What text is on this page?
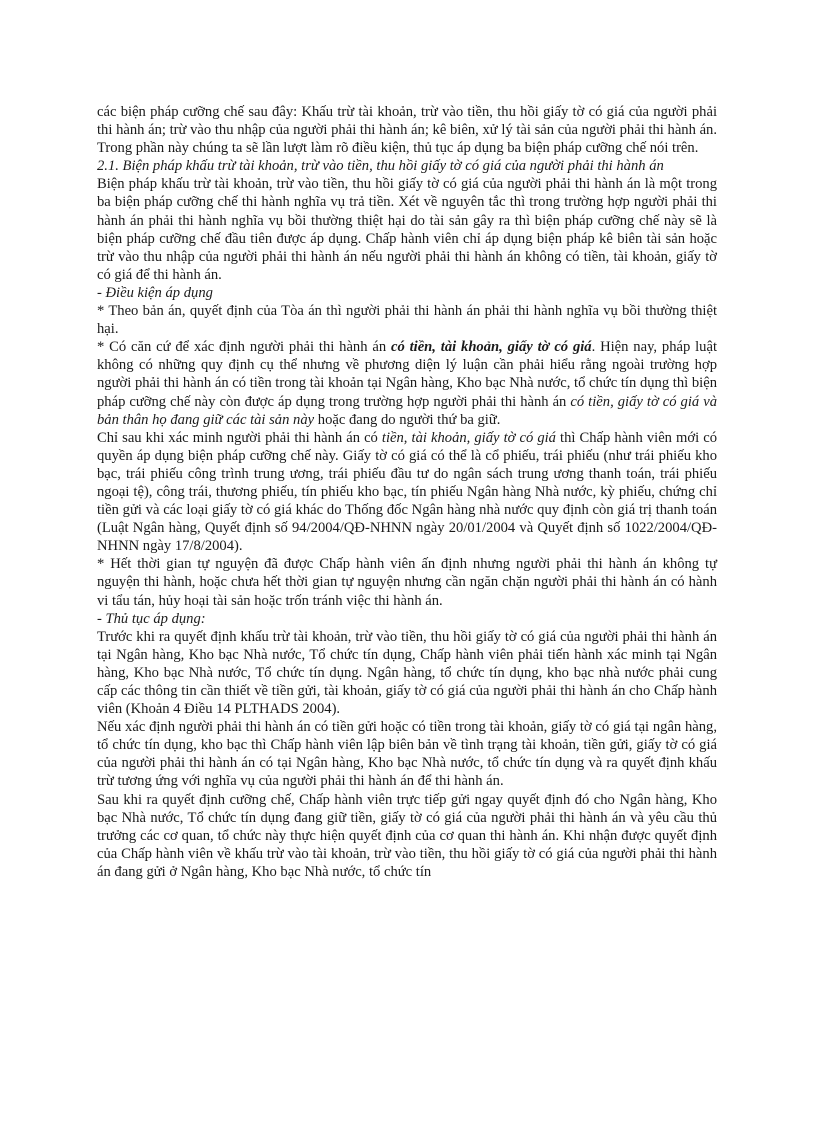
các biện pháp cưỡng chế sau đây: Khấu trừ tài khoản, trừ vào tiền, thu hồi giấy tờ có giá của người phải thi hành án; trừ vào thu nhập của người phải thi hành án; kê biên, xử lý tài sản của người phải thi hành án. Trong phần này chúng ta sẽ lần lượt làm rõ điều kiện, thủ tục áp dụng ba biện pháp cưỡng chế nói trên.

2.1. Biện pháp khấu trừ tài khoản, trừ vào tiền, thu hồi giấy tờ có giá của người phải thi hành án

Biện pháp khấu trừ tài khoản, trừ vào tiền, thu hồi giấy tờ có giá của người phải thi hành án là một trong ba biện pháp cưỡng chế thi hành nghĩa vụ trả tiền. Xét về nguyên tắc thì trong trường hợp người phải thi hành án phải thi hành nghĩa vụ bồi thường thiệt hại do tài sản gây ra thì biện pháp cưỡng chế này sẽ là biện pháp cưỡng chế đầu tiên được áp dụng. Chấp hành viên chỉ áp dụng biện pháp kê biên tài sản hoặc trừ vào thu nhập của người phải thi hành án nếu người phải thi hành án không có tiền, tài khoản, giấy tờ có giá để thi hành án.

- Điều kiện áp dụng

* Theo bản án, quyết định của Tòa án thì người phải thi hành án phải thi hành nghĩa vụ bồi thường thiệt hại.

* Có căn cứ để xác định người phải thi hành án có tiền, tài khoản, giấy tờ có giá. Hiện nay, pháp luật không có những quy định cụ thể nhưng về phương diện lý luận cần phải hiểu rằng ngoài trường hợp người phải thi hành án có tiền trong tài khoản tại Ngân hàng, Kho bạc Nhà nước, tổ chức tín dụng thì biện pháp cưỡng chế này còn được áp dụng trong trường hợp người phải thi hành án có tiền, giấy tờ có giá và bản thân họ đang giữ các tài sản này hoặc đang do người thứ ba giữ.

Chỉ sau khi xác minh người phải thi hành án có tiền, tài khoản, giấy tờ có giá thì Chấp hành viên mới có quyền áp dụng biện pháp cưỡng chế này. Giấy tờ có giá có thể là cổ phiếu, trái phiếu (như trái phiếu kho bạc, trái phiếu công trình trung ương, trái phiếu đầu tư do ngân sách trung ương thanh toán, trái phiếu ngoại tệ), công trái, thương phiếu, tín phiếu kho bạc, tín phiếu Ngân hàng Nhà nước, kỳ phiếu, chứng chỉ tiền gửi và các loại giấy tờ có giá khác do Thống đốc Ngân hàng nhà nước quy định còn giá trị thanh toán (Luật Ngân hàng, Quyết định số 94/2004/QĐ-NHNN ngày 20/01/2004 và Quyết định số 1022/2004/QĐ-NHNN ngày 17/8/2004).

* Hết thời gian tự nguyện đã được Chấp hành viên ấn định nhưng người phải thi hành án không tự nguyện thi hành, hoặc chưa hết thời gian tự nguyện nhưng cần ngăn chặn người phải thi hành án có hành vi tẩu tán, hủy hoại tài sản hoặc trốn tránh việc thi hành án.

- Thủ tục áp dụng:

Trước khi ra quyết định khấu trừ tài khoản, trừ vào tiền, thu hồi giấy tờ có giá của người phải thi hành án tại Ngân hàng, Kho bạc Nhà nước, Tổ chức tín dụng, Chấp hành viên phải tiến hành xác minh tại Ngân hàng, Kho bạc Nhà nước, Tổ chức tín dụng. Ngân hàng, tổ chức tín dụng, kho bạc nhà nước phải cung cấp các thông tin cần thiết về tiền gửi, tài khoản, giấy tờ có giá của người phải thi hành án cho Chấp hành viên (Khoản 4 Điều 14 PLTHADS 2004).

Nếu xác định người phải thi hành án có tiền gửi hoặc có tiền trong tài khoản, giấy tờ có giá tại ngân hàng, tổ chức tín dụng, kho bạc thì Chấp hành viên lập biên bản về tình trạng tài khoản, tiền gửi, giấy tờ có giá của người phải thi hành án có tại Ngân hàng, Kho bạc Nhà nước, tổ chức tín dụng và ra quyết định khấu trừ tương ứng với nghĩa vụ của người phải thi hành án để thi hành án.

Sau khi ra quyết định cưỡng chế, Chấp hành viên trực tiếp gửi ngay quyết định đó cho Ngân hàng, Kho bạc Nhà nước, Tổ chức tín dụng đang giữ tiền, giấy tờ có giá của người phải thi hành án và yêu cầu thủ trưởng các cơ quan, tổ chức này thực hiện quyết định của cơ quan thi hành án. Khi nhận được quyết định của Chấp hành viên về khấu trừ vào tài khoản, trừ vào tiền, thu hồi giấy tờ có giá của người phải thi hành án đang gửi ở Ngân hàng, Kho bạc Nhà nước, tổ chức tín
